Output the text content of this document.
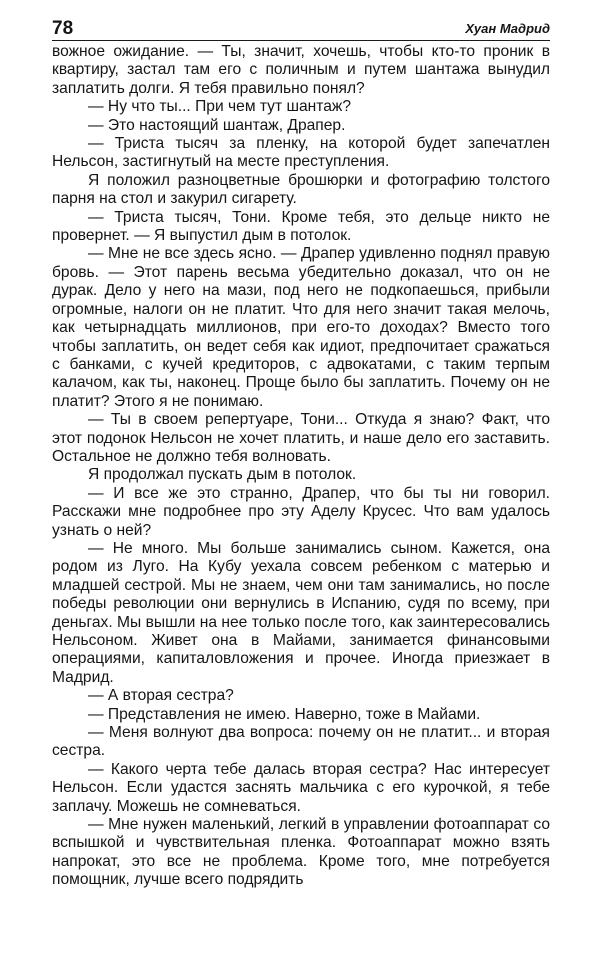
78	Хуан Мадрид

вожное ожидание. — Ты, значит, хочешь, чтобы кто-то проник в квартиру, застал там его с поличным и путем шантажа вынудил заплатить долги. Я тебя правильно понял?

— Ну что ты... При чем тут шантаж?

— Это настоящий шантаж, Драпер.

— Триста тысяч за пленку, на которой будет запечатлен Нельсон, застигнутый на месте преступления.

Я положил разноцветные брошюрки и фотографию толстого парня на стол и закурил сигарету.

— Триста тысяч, Тони. Кроме тебя, это дельце никто не провернет. — Я выпустил дым в потолок.

— Мне не все здесь ясно. — Драпер удивленно поднял правую бровь. — Этот парень весьма убедительно доказал, что он не дурак. Дело у него на мази, под него не подкопаешься, прибыли огромные, налоги он не платит. Что для него значит такая мелочь, как четырнадцать миллионов, при его-то доходах? Вместо того чтобы заплатить, он ведет себя как идиот, предпочитает сражаться с банками, с кучей кредиторов, с адвокатами, с таким терпым калачом, как ты, наконец. Проще было бы заплатить. Почему он не платит? Этого я не понимаю.

— Ты в своем репертуаре, Тони... Откуда я знаю? Факт, что этот подонок Нельсон не хочет платить, и наше дело его заставить. Остальное не должно тебя волновать.

Я продолжал пускать дым в потолок.

— И все же это странно, Драпер, что бы ты ни говорил. Расскажи мне подробнее про эту Аделу Крусес. Что вам удалось узнать о ней?

— Не много. Мы больше занимались сыном. Кажется, она родом из Луго. На Кубу уехала совсем ребенком с матерью и младшей сестрой. Мы не знаем, чем они там занимались, но после победы революции они вернулись в Испанию, судя по всему, при деньгах. Мы вышли на нее только после того, как заинтересовались Нельсоном. Живет она в Майами, занимается финансовыми операциями, капиталовложения и прочее. Иногда приезжает в Мадрид.

— А вторая сестра?

— Представления не имею. Наверно, тоже в Майами.

— Меня волнуют два вопроса: почему он не платит... и вторая сестра.

— Какого черта тебе далась вторая сестра? Нас интересует Нельсон. Если удастся заснять мальчика с его курочкой, я тебе заплачу. Можешь не сомневаться.

— Мне нужен маленький, легкий в управлении фотоаппарат со вспышкой и чувствительная пленка. Фотоаппарат можно взять напрокат, это все не проблема. Кроме того, мне потребуется помощник, лучше всего подрядить
